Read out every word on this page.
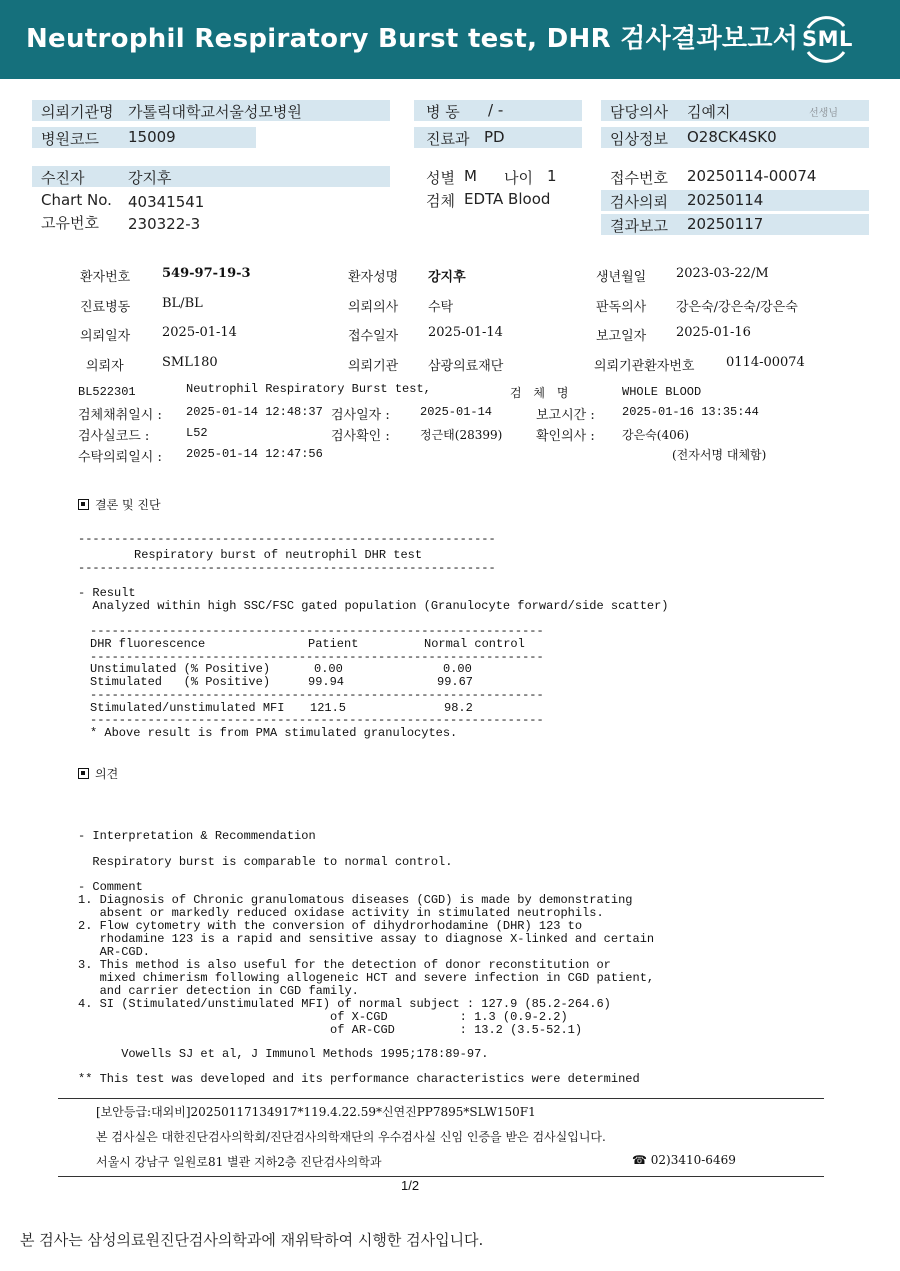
Neutrophil Respiratory Burst test, DHR 검사결과보고서 SML
의뢰기관명 가톨릭대학교서울성모병원
병원코드 15009
수진자	강지후
Chart No. 40341541
고유번호 230322-3
병 동 / -
진료과 PD
성별 M 나이 1
검체 EDTA Blood
담당의사 김예지	선생님
임상정보 O28CK4SK0
접수번호 20250114-00074
검사의뢰 20250114
결과보고 20250117
환자번호 549-97-19-3	환자성명 강지후	생년월일 2023-03-22/M
진료병동 BL/BL	의뢰의사 수탁	판독의사 강은숙/강은숙/강은숙
의뢰일자 2025-01-14	접수일자 2025-01-14	보고일자 2025-01-16
의뢰자	SML180	의뢰기관 삼광의료재단	의뢰기관환자번호 0114-00074
BL522301	Neutrophil Respiratory Burst test,	검 체 명	WHOLE BLOOD
검체채취일시 : 2025-01-14 12:48:37 검사일자 :	2025-01-14	보고시간 : 2025-01-16 13:35:44
검사실코드 :	L52	검사확인 :	정근태(28399)	확인의사 : 강은숙(406)
수탁의뢰일시 : 2025-01-14 12:47:56	(전자서명 대체함)
결론 및 진단
----------------------------------------------------------
Respiratory burst of neutrophil DHR test
----------------------------------------------------------
- Result
Analyzed within high SSC/FSC gated population (Granulocyte forward/side scatter)
---------------------------------------------------------------
DHR fluorescence	Patient	Normal control
---------------------------------------------------------------
Unstimulated (% Positive)	0.00	0.00
Stimulated   (% Positive)	99.94	99.67
---------------------------------------------------------------
Stimulated/unstimulated MFI 121.5	98.2
---------------------------------------------------------------
* Above result is from PMA stimulated granulocytes.
의견
- Interpretation & Recommendation
Respiratory burst is comparable to normal control.
- Comment
1. Diagnosis of Chronic granulomatous diseases (CGD) is made by demonstrating
absent or markedly reduced oxidase activity in stimulated neutrophils.
2. Flow cytometry with the conversion of dihydrorhodamine (DHR) 123 to
rhodamine 123 is a rapid and sensitive assay to diagnose X-linked and certain
AR-CGD.
3. This method is also useful for the detection of donor reconstitution or
mixed chimerism following allogeneic HCT and severe infection in CGD patient,
and carrier detection in CGD family.
4. SI (Stimulated/unstimulated MFI) of normal subject : 127.9 (85.2-264.6)
of X-CGD          : 1.3 (0.9-2.2)
of AR-CGD         : 13.2 (3.5-52.1)
Vowells SJ et al, J Immunol Methods 1995;178:89-97.
** This test was developed and its performance characteristics were determined
[보안등급:대외비]20250117134917*119.4.22.59*신연진PP7895*SLW150F1
본 검사실은 대한진단검사의학회/진단검사의학재단의 우수검사실 신임 인증을 받은 검사실입니다.
서울시 강남구 일원로81 별관 지하2층 진단검사의학과	☎ 02)3410-6469
1/2
본 검사는 삼성의료원진단검사의학과에 재위탁하여 시행한 검사입니다.
